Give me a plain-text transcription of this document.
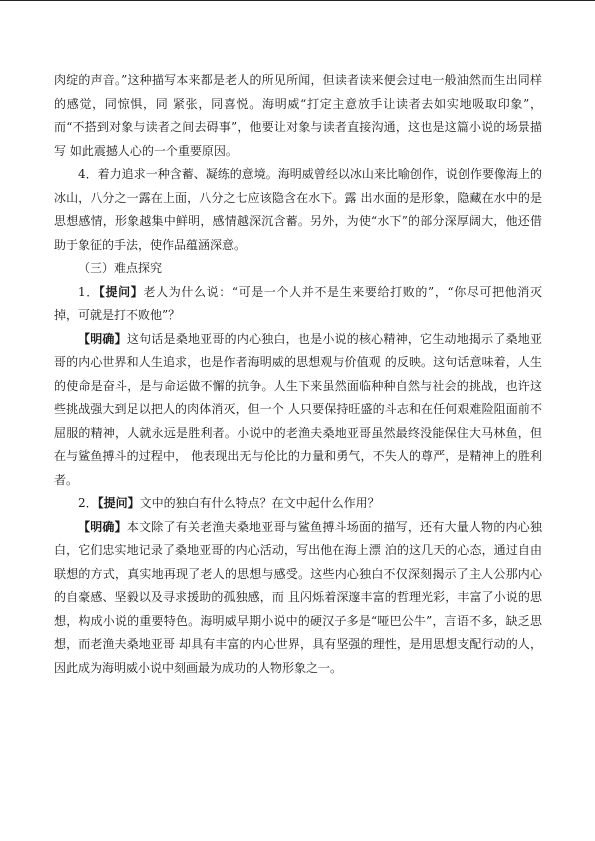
肉绽的声音。”这种描写本来都是老人的所见所闻，但读者读来便会过电一般油然而生出同样的感觉，同惊惧，同 紧张，同喜悦。海明威“打定主意放手让读者去如实地吸取印象”，而“不搭到对象与读者之间去碍事”，他要让对象与读者直接沟通，这也是这篇小说的场景描写 如此震撼人心的一个重要原因。

4．着力追求一种含蓄、凝练的意境。海明威曾经以冰山来比喻创作，说创作要像海上的冰山，八分之一露在上面，八分之七应该隐含在水下。露 出水面的是形象，隐藏在水中的是思想感情，形象越集中鲜明，感情越深沉含蓄。另外，为使“水下”的部分深厚阔大，他还借助于象征的手法，使作品蕴涵深意。

（三）难点探究

1．【提问】老人为什么说：“可是一个人并不是生来要给打败的”，“你尽可把他消灭掉，可就是打不败他”？

【明确】这句话是桑地亚哥的内心独白，也是小说的核心精神，它生动地揭示了桑地亚哥的内心世界和人生追求，也是作者海明威的思想观与价值观 的反映。这句话意味着，人生的使命是奋斗，是与命运做不懈的抗争。人生下来虽然面临种种自然与社会的挑战，也许这些挑战强大到足以把人的肉体消灭，但一个 人只要保持旺盛的斗志和在任何艰难险阻面前不屈服的精神，人就永远是胜利者。小说中的老渔夫桑地亚哥虽然最终没能保住大马林鱼，但在与鲨鱼搏斗的过程中， 他表现出无与伦比的力量和勇气，不失人的尊严，是精神上的胜利者。

2．【提问】文中的独白有什么特点？在文中起什么作用？

【明确】本文除了有关老渔夫桑地亚哥与鲨鱼搏斗场面的描写，还有大量人物的内心独白，它们忠实地记录了桑地亚哥的内心活动，写出他在海上漂 泊的这几天的心态，通过自由联想的方式，真实地再现了老人的思想与感受。这些内心独白不仅深刻揭示了主人公那内心的自豪感、坚毅以及寻求援助的孤独感，而 且闪烁着深邃丰富的哲理光彩，丰富了小说的思想，构成小说的重要特色。海明威早期小说中的硬汉子多是“哑巴公牛”，言语不多，缺乏思想，而老渔夫桑地亚哥 却具有丰富的内心世界，具有坚强的理性，是用思想支配行动的人，因此成为海明威小说中刻画最为成功的人物形象之一。
